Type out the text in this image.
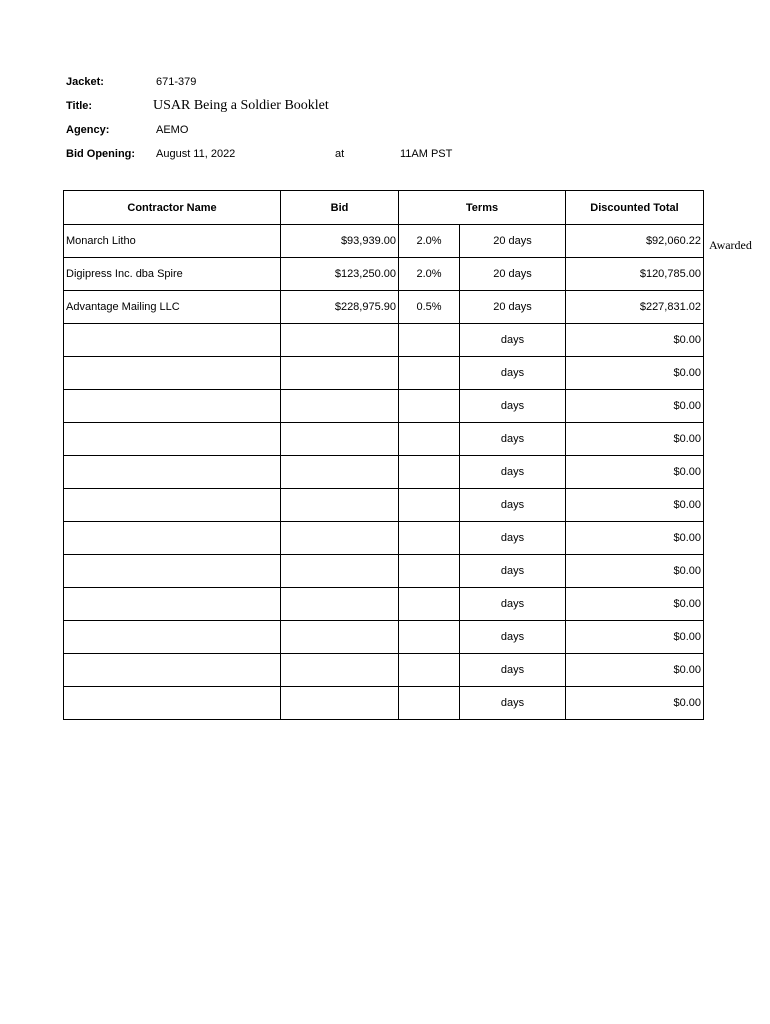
Jacket:	671-379
Title:	USAR Being a Soldier Booklet
Agency:	AEMO
Bid Opening: August 11, 2022	at	11AM PST
Contractor Name	Bid	Terms		Discounted Total
Monarch Litho	$93,939.00	2.0%	20 days	$92,060.22
Digipress Inc. dba Spire	$123,250.00	2.0%	20 days	$120,785.00
Advantage Mailing LLC	$228,975.90	0.5%	20 days	$227,831.02
			days	$0.00
			days	$0.00
			days	$0.00
			days	$0.00
			days	$0.00
			days	$0.00
			days	$0.00
			days	$0.00
			days	$0.00
			days	$0.00
			days	$0.00
			days	$0.00
Awarded
